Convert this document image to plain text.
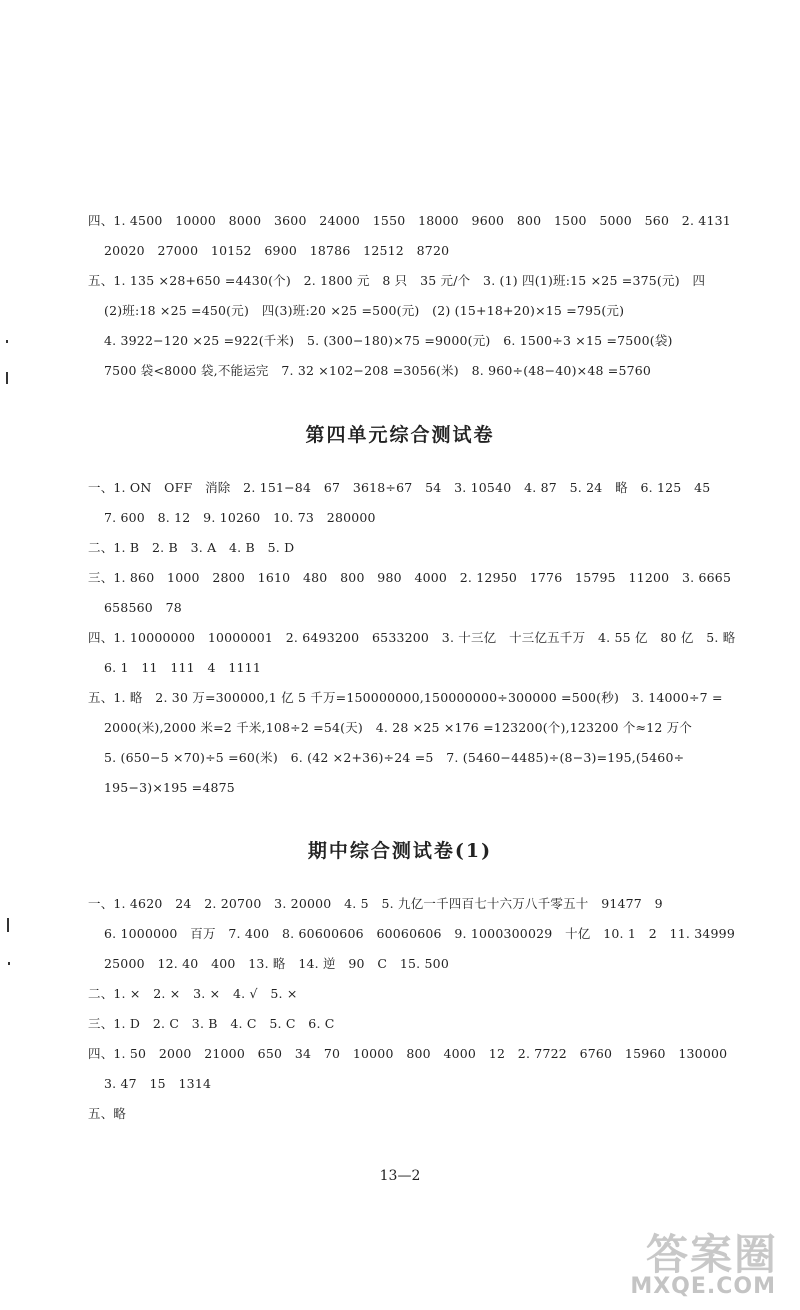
四、1. 4500　10000　8000　3600　24000　1550　18000　9600　800　1500　5000　560　2. 4131
20020　27000　10152　6900　18786　12512　8720
五、1. 135 ×28+650 =4430(个)　2. 1800 元　8 只　35 元/个　3. (1) 四(1)班:15 ×25 =375(元)　四
(2)班:18 ×25 =450(元)　四(3)班:20 ×25 =500(元)　(2) (15+18+20)×15 =795(元)
4. 3922−120 ×25 =922(千米)　5. (300−180)×75 =9000(元)　6. 1500÷3 ×15 =7500(袋)
7500 袋<8000 袋,不能运完　7. 32 ×102−208 =3056(米)　8. 960÷(48−40)×48 =5760
第四单元综合测试卷
一、1. ON　OFF　消除　2. 151−84　67　3618÷67　54　3. 10540　4. 87　5. 24　略　6. 125　45
7. 600　8. 12　9. 10260　10. 73　280000
二、1. B　2. B　3. A　4. B　5. D
三、1. 860　1000　2800　1610　480　800　980　4000　2. 12950　1776　15795　11200　3. 6665
658560　78
四、1. 10000000　10000001　2. 6493200　6533200　3. 十三亿　十三亿五千万　4. 55 亿　80 亿　5. 略
6. 1　11　111　4　1111
五、1. 略　2. 30 万=300000,1 亿 5 千万=150000000,150000000÷300000 =500(秒)　3. 14000÷7 =
2000(米),2000 米=2 千米,108÷2 =54(天)　4. 28 ×25 ×176 =123200(个),123200 个≈12 万个
5. (650−5 ×70)÷5 =60(米)　6. (42 ×2+36)÷24 =5　7. (5460−4485)÷(8−3)=195,(5460÷
195−3)×195 =4875
期中综合测试卷(1)
一、1. 4620　24　2. 20700　3. 20000　4. 5　5. 九亿一千四百七十六万八千零五十　91477　9
6. 1000000　百万　7. 400　8. 60600606　60060606　9. 1000300029　十亿　10. 1　2　11. 34999
25000　12. 40　400　13. 略　14. 逆　90　C　15. 500
二、1. ×　2. ×　3. ×　4. √　5. ×
三、1. D　2. C　3. B　4. C　5. C　6. C
四、1. 50　2000　21000　650　34　70　10000　800　4000　12　2. 7722　6760　15960　130000
3. 47　15　1314
五、略
13—2
答案圈
MXQE.COM
